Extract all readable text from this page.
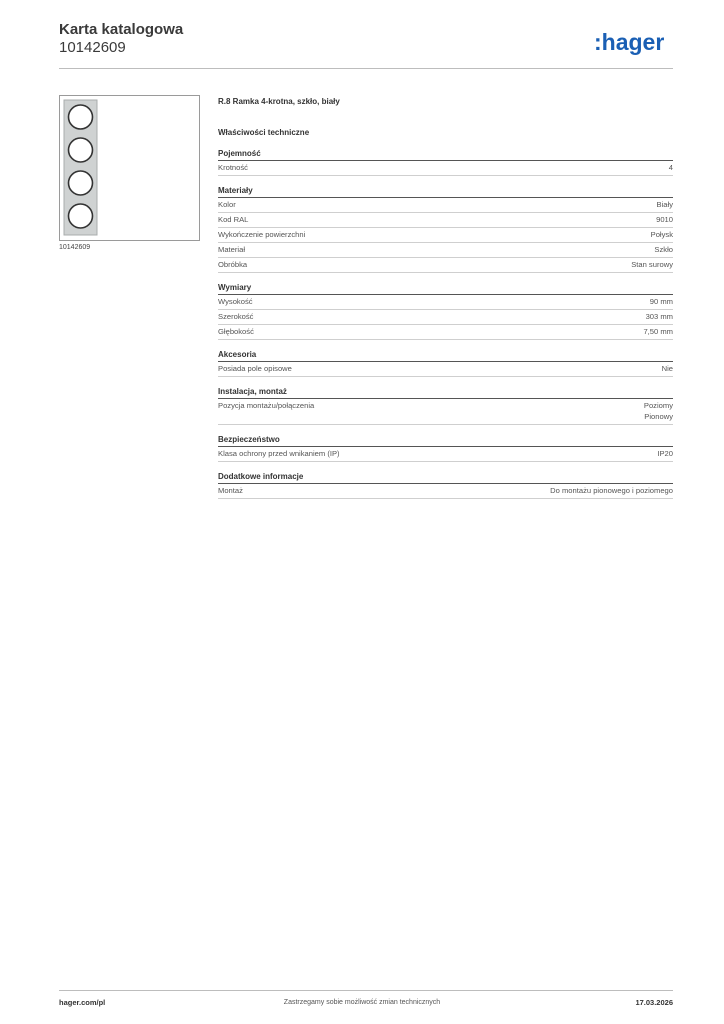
Karta katalogowa
10142609	:hager
10142609
R.8 Ramka 4-krotna, szkło, biały
Właściwości techniczne
Pojemność
Krotność	4
Materiały
Kolor	Biały
Kod RAL	9010
Wykończenie powierzchni	Połysk
Materiał	Szkło
Obróbka	Stan surowy
Wymiary
Wysokość	90 mm
Szerokość	303 mm
Głębokość	7,50 mm
Akcesoria
Posiada pole opisowe	Nie
Instalacja, montaż
Pozycja montażu/połączenia	Poziomy
Pionowy
Bezpieczeństwo
Klasa ochrony przed wnikaniem (IP)	IP20
Dodatkowe informacje
Montaż	Do montażu pionowego i poziomego
hager.com/pl	Zastrzegamy sobie możliwość zmian technicznych	17.03.2026
